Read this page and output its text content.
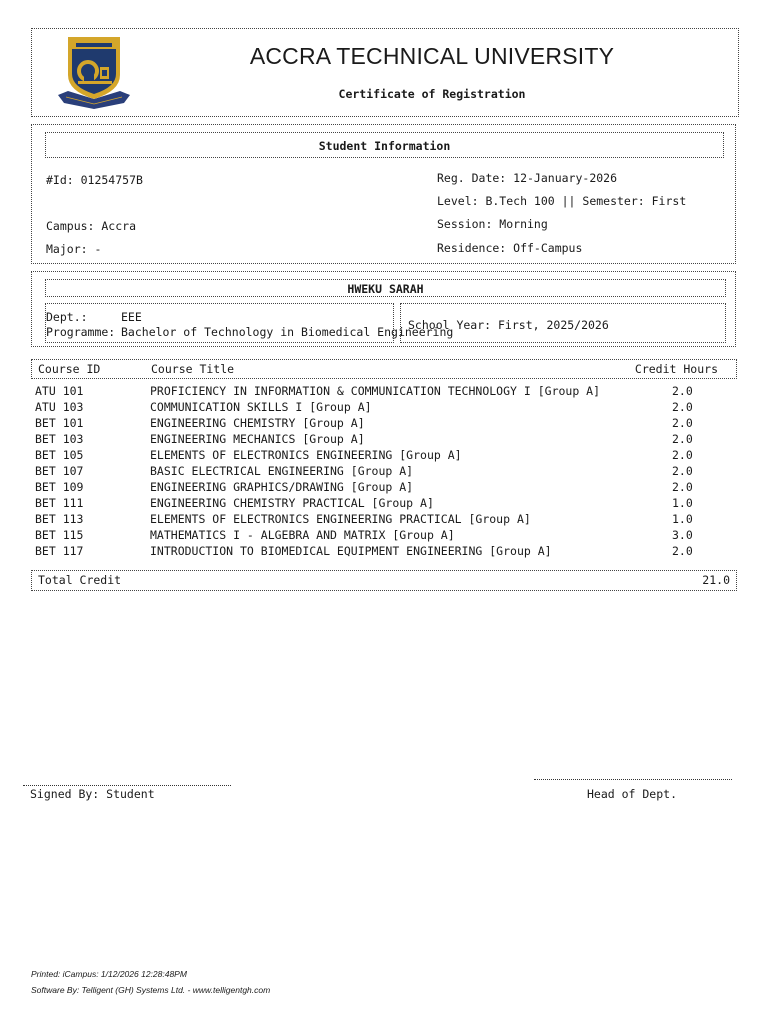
ACCRA TECHNICAL UNIVERSITY
Certificate of Registration
Student Information
#Id: 01254757B	Reg. Date: 12-January-2026
Level: B.Tech 100 || Semester: First
Campus: Accra	Session: Morning
Major: -	Residence: Off-Campus
HWEKU SARAH
Dept.:	EEE
Programme: Bachelor of Technology in Biomedical Engineering
School Year: First, 2025/2026
Course ID	Course Title	Credit Hours
ATU 101	PROFICIENCY IN INFORMATION & COMMUNICATION TECHNOLOGY I [Group A]	2.0
ATU 103	COMMUNICATION SKILLS I [Group A]	2.0
BET 101	ENGINEERING CHEMISTRY [Group A]	2.0
BET 103	ENGINEERING MECHANICS [Group A]	2.0
BET 105	ELEMENTS OF ELECTRONICS ENGINEERING [Group A]	2.0
BET 107	BASIC ELECTRICAL ENGINEERING [Group A]	2.0
BET 109	ENGINEERING GRAPHICS/DRAWING [Group A]	2.0
BET 111	ENGINEERING CHEMISTRY PRACTICAL [Group A]	1.0
BET 113	ELEMENTS OF ELECTRONICS ENGINEERING PRACTICAL [Group A]	1.0
BET 115	MATHEMATICS I - ALGEBRA AND MATRIX [Group A]	3.0
BET 117	INTRODUCTION TO BIOMEDICAL EQUIPMENT ENGINEERING [Group A]	2.0
Total Credit	21.0
Signed By: Student	Head of Dept.
Printed: iCampus: 1/12/2026 12:28:48PM
Software By: Telligent (GH) Systems Ltd. - www.telligentgh.com
